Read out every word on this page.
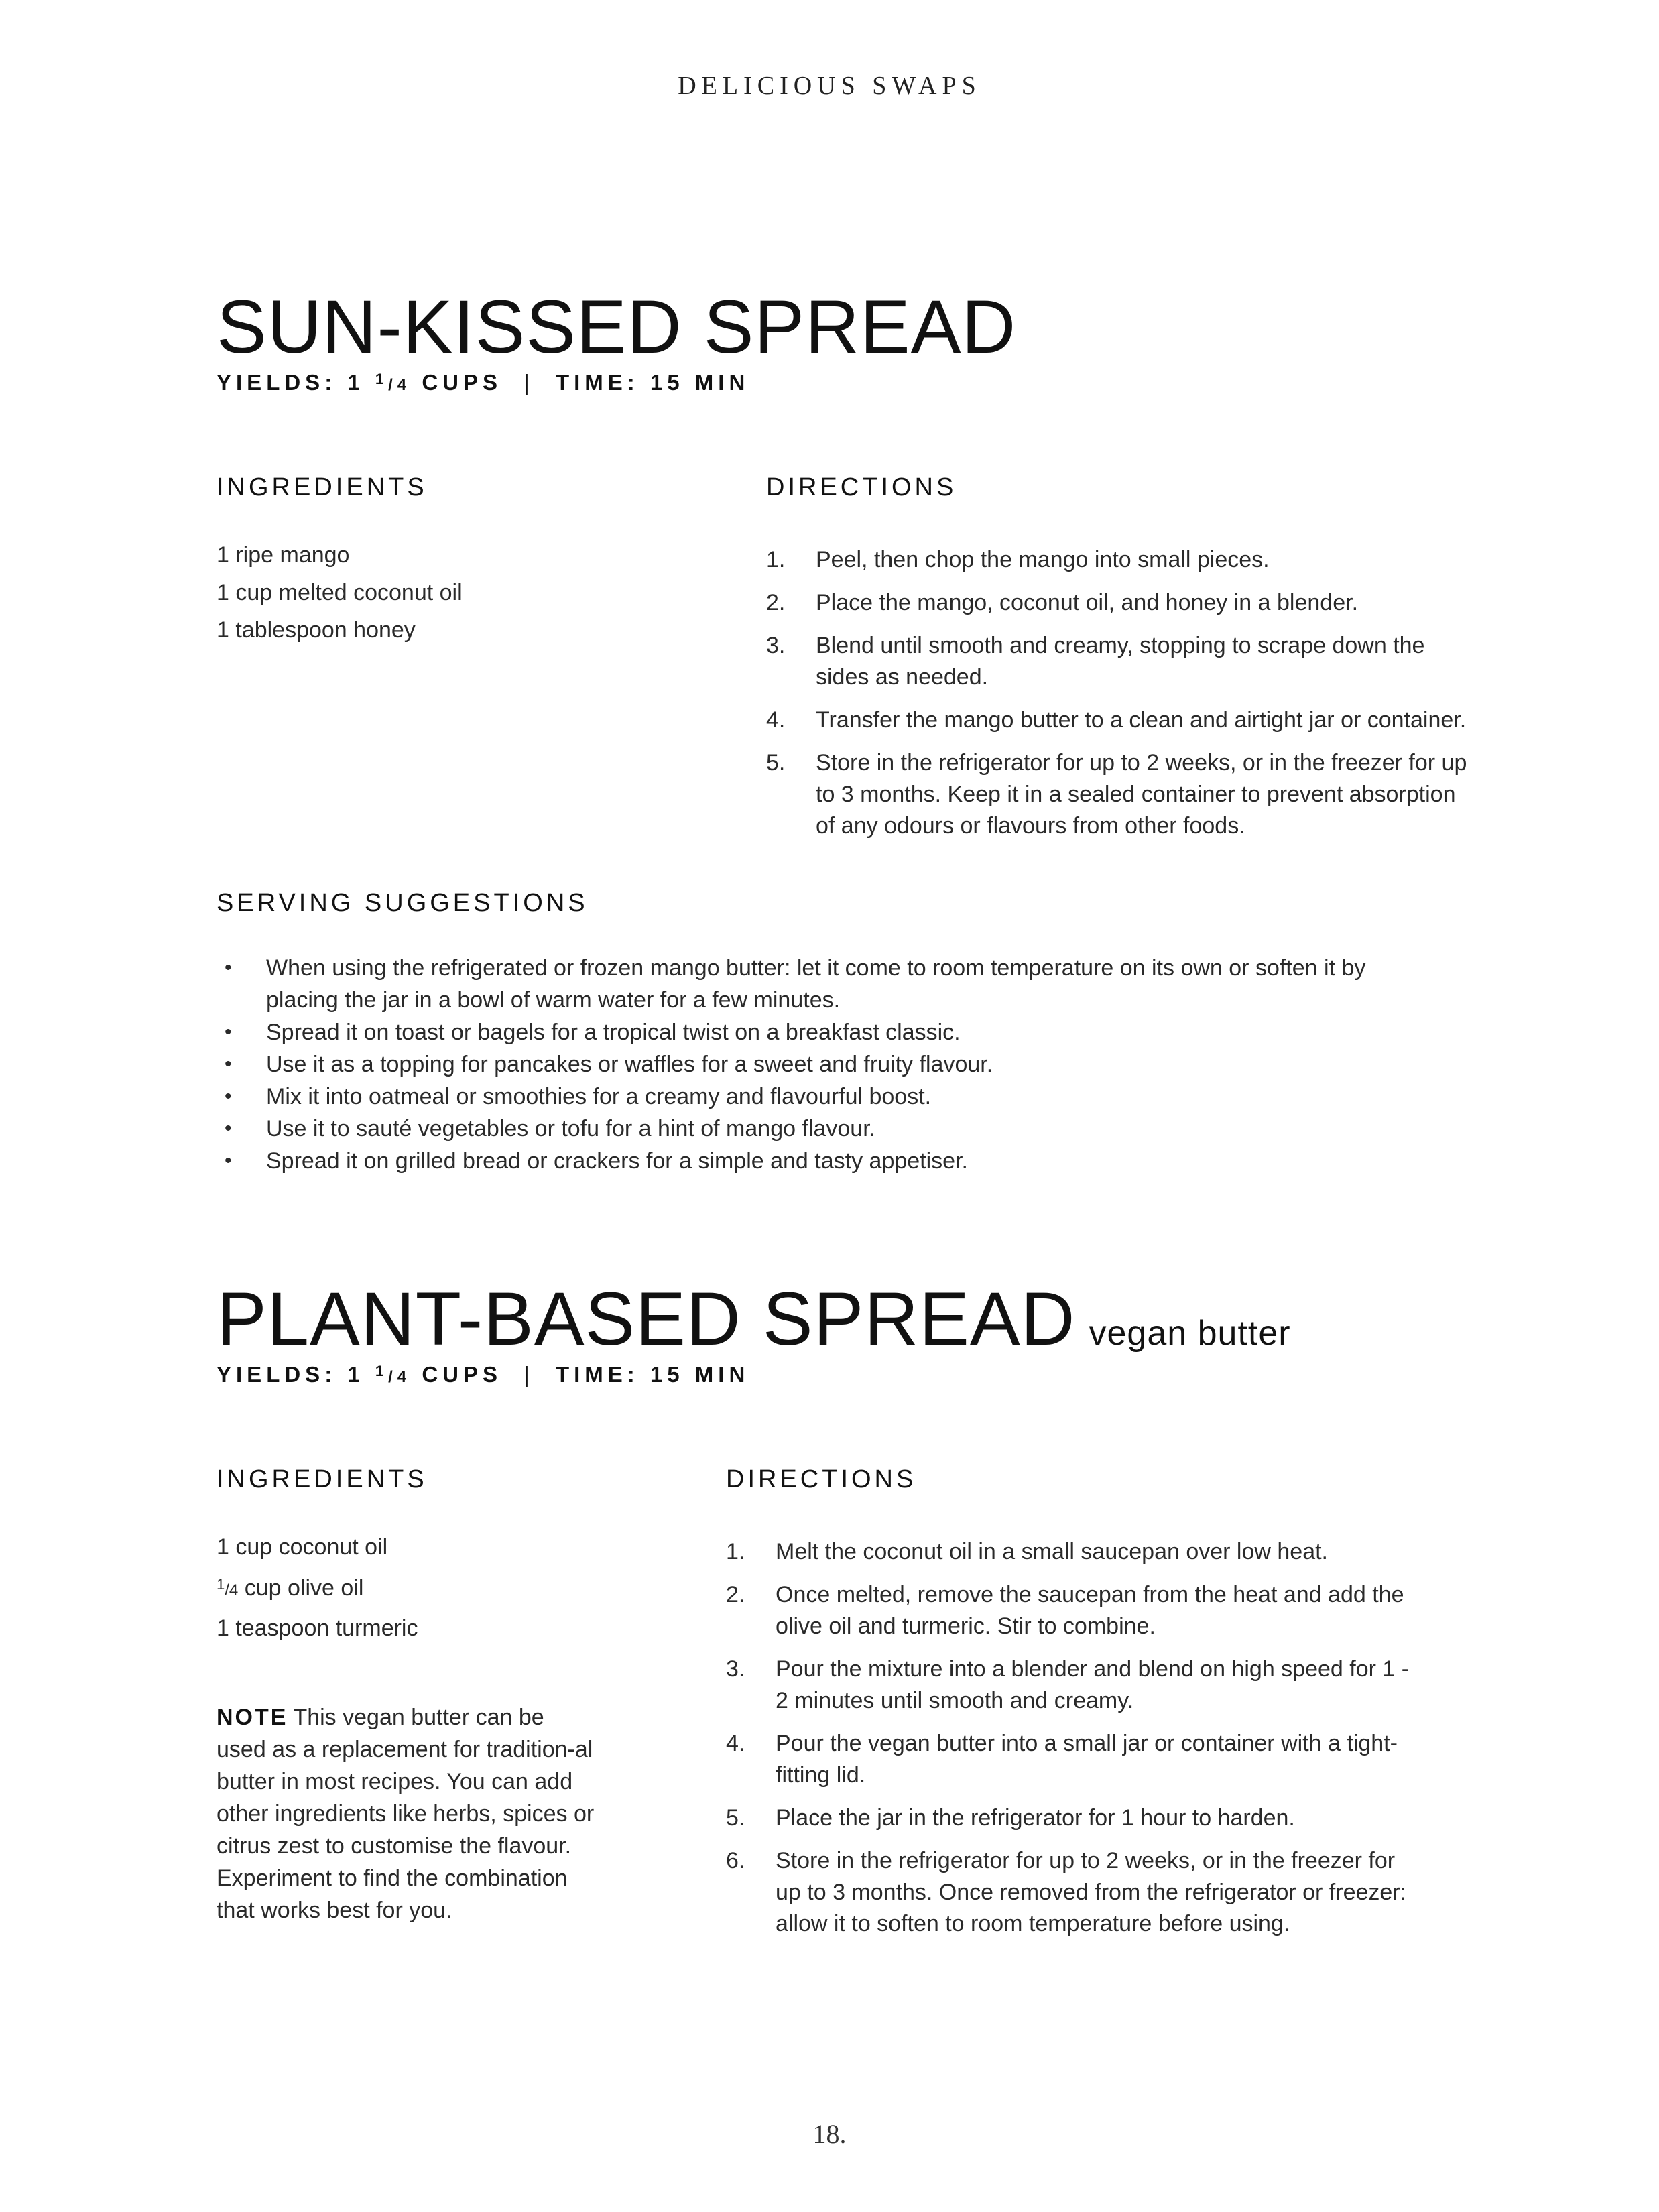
DELICIOUS SWAPS
SUN-KISSED SPREAD
YIELDS: 1 $^1$/4 CUPS | TIME: 15 MIN
INGREDIENTS
1 ripe mango
1 cup melted coconut oil
1 tablespoon honey
DIRECTIONS
1. Peel, then chop the mango into small pieces.
2. Place the mango, coconut oil, and honey in a blender.
3. Blend until smooth and creamy, stopping to scrape down the sides as needed.
4. Transfer the mango butter to a clean and airtight jar or container.
5. Store in the refrigerator for up to 2 weeks, or in the freezer for up to 3 months. Keep it in a sealed container to prevent absorption of any odours or flavours from other foods.
SERVING SUGGESTIONS
• When using the refrigerated or frozen mango butter: let it come to room temperature on its own or soften it by placing the jar in a bowl of warm water for a few minutes.
• Spread it on toast or bagels for a tropical twist on a breakfast classic.
• Use it as a topping for pancakes or waffles for a sweet and fruity flavour.
• Mix it into oatmeal or smoothies for a creamy and flavourful boost.
• Use it to sauté vegetables or tofu for a hint of mango flavour.
• Spread it on grilled bread or crackers for a simple and tasty appetiser.
PLANT-BASED SPREAD vegan butter
YIELDS: 1 $^1$/4 CUPS | TIME: 15 MIN
INGREDIENTS
1 cup coconut oil
$^1$/4 cup olive oil
1 teaspoon turmeric
NOTE This vegan butter can be used as a replacement for tradition-al butter in most recipes. You can add other ingredients like herbs, spices or citrus zest to customise the flavour. Experiment to find the combination that works best for you.
DIRECTIONS
1. Melt the coconut oil in a small saucepan over low heat.
2. Once melted, remove the saucepan from the heat and add the olive oil and turmeric. Stir to combine.
3. Pour the mixture into a blender and blend on high speed for 1 - 2 minutes until smooth and creamy.
4. Pour the vegan butter into a small jar or container with a tight-fitting lid.
5. Place the jar in the refrigerator for 1 hour to harden.
6. Store in the refrigerator for up to 2 weeks, or in the freezer for up to 3 months. Once removed from the refrigerator or freezer: allow it to soften to room temperature before using.
18.
